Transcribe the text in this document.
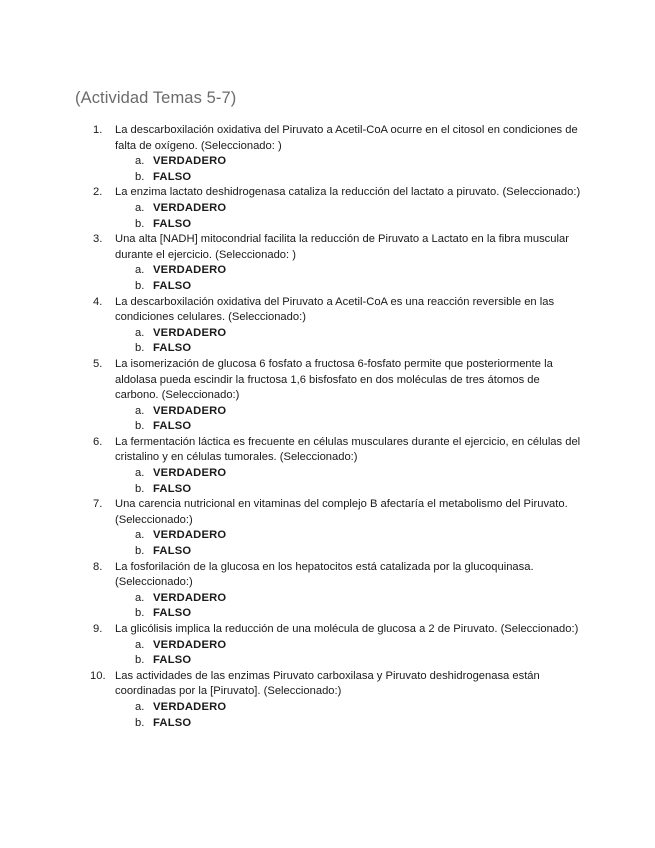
(Actividad Temas 5-7)
1.	La descarboxilación oxidativa del Piruvato a Acetil-CoA ocurre en el citosol en condiciones de falta de oxígeno. (Seleccionado: )
a. VERDADERO
b. FALSO
2.	La enzima lactato deshidrogenasa cataliza la reducción del lactato a piruvato. (Seleccionado:)
a. VERDADERO
b. FALSO
3.	Una alta [NADH] mitocondrial facilita la reducción de Piruvato a Lactato en la fibra muscular durante el ejercicio. (Seleccionado: )
a. VERDADERO
b. FALSO
4.	La descarboxilación oxidativa del Piruvato a Acetil-CoA es una reacción reversible en las condiciones celulares. (Seleccionado:)
a. VERDADERO
b. FALSO
5.	La isomerización de glucosa 6 fosfato a fructosa 6-fosfato permite que posteriormente la aldolasa pueda escindir la fructosa 1,6 bisfosfato en dos moléculas de tres átomos de carbono. (Seleccionado:)
a. VERDADERO
b. FALSO
6.	La fermentación láctica es frecuente en células musculares durante el ejercicio, en células del cristalino y en células tumorales. (Seleccionado:)
a. VERDADERO
b. FALSO
7.	Una carencia nutricional en vitaminas del complejo B afectaría el metabolismo del Piruvato. (Seleccionado:)
a. VERDADERO
b. FALSO
8.	La fosforilación de la glucosa en los hepatocitos está catalizada por la glucoquinasa. (Seleccionado:)
a. VERDADERO
b. FALSO
9.	La glicólisis implica la reducción de una molécula de glucosa a 2 de Piruvato. (Seleccionado:)
a. VERDADERO
b. FALSO
10. Las actividades de las enzimas Piruvato carboxilasa y Piruvato deshidrogenasa están coordinadas por la [Piruvato]. (Seleccionado:)
a. VERDADERO
b. FALSO
